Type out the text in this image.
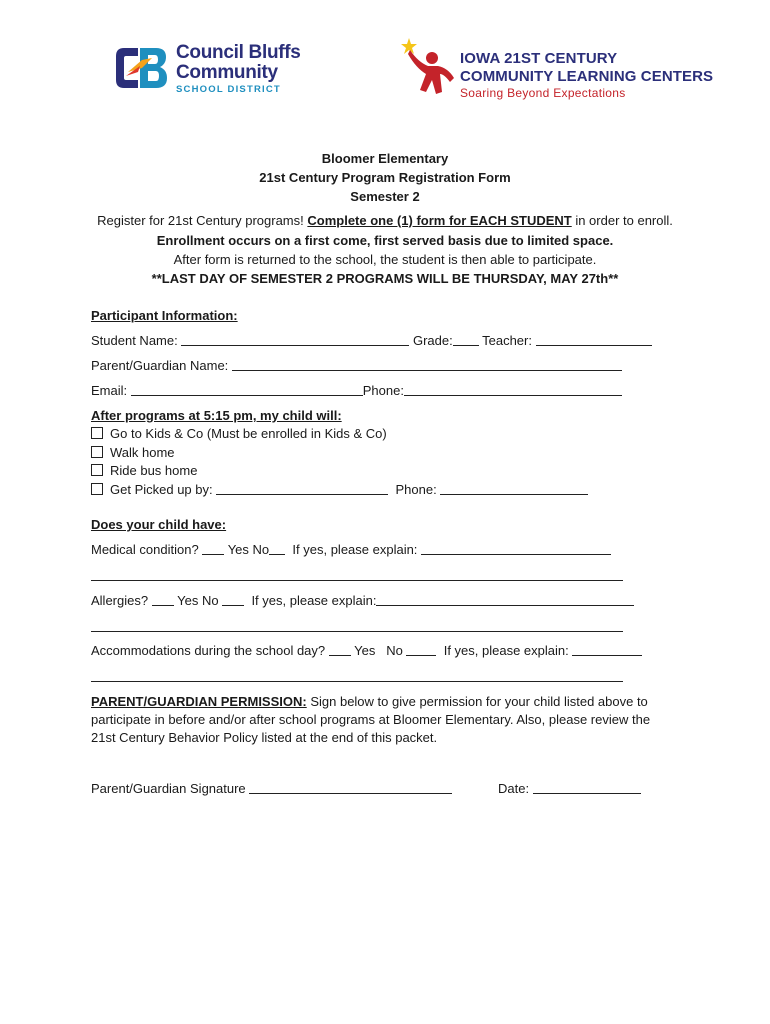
Council Bluffs
Community
SCHOOL DISTRICT
IOWA 21ST CENTURY
COMMUNITY LEARNING CENTERS
Soaring Beyond Expectations
Bloomer Elementary
21st Century Program Registration Form
Semester 2
Register for 21st Century programs! Complete one (1) form for EACH STUDENT in order to enroll.
Enrollment occurs on a first come, first served basis due to limited space.
After form is returned to the school, the student is then able to participate.
**LAST DAY OF SEMESTER 2 PROGRAMS WILL BE THURSDAY, MAY 27th**
Participant Information:
Student Name:	Grade: Teacher:
Parent/Guardian Name:
Email:	Phone:
After programs at 5:15 pm, my child will:
Go to Kids & Co (Must be enrolled in Kids & Co)
Walk home
Ride bus home
Get Picked up by:	Phone:
Does your child have:
Medical condition? Yes No If yes, please explain:
Allergies? Yes No	If yes, please explain:
Accommodations during the school day? Yes No	If yes, please explain:
PARENT/GUARDIAN PERMISSION: Sign below to give permission for your child listed above to participate in before and/or after school programs at Bloomer Elementary. Also, please review the 21st Century Behavior Policy listed at the end of this packet.
Parent/Guardian Signature	Date:
